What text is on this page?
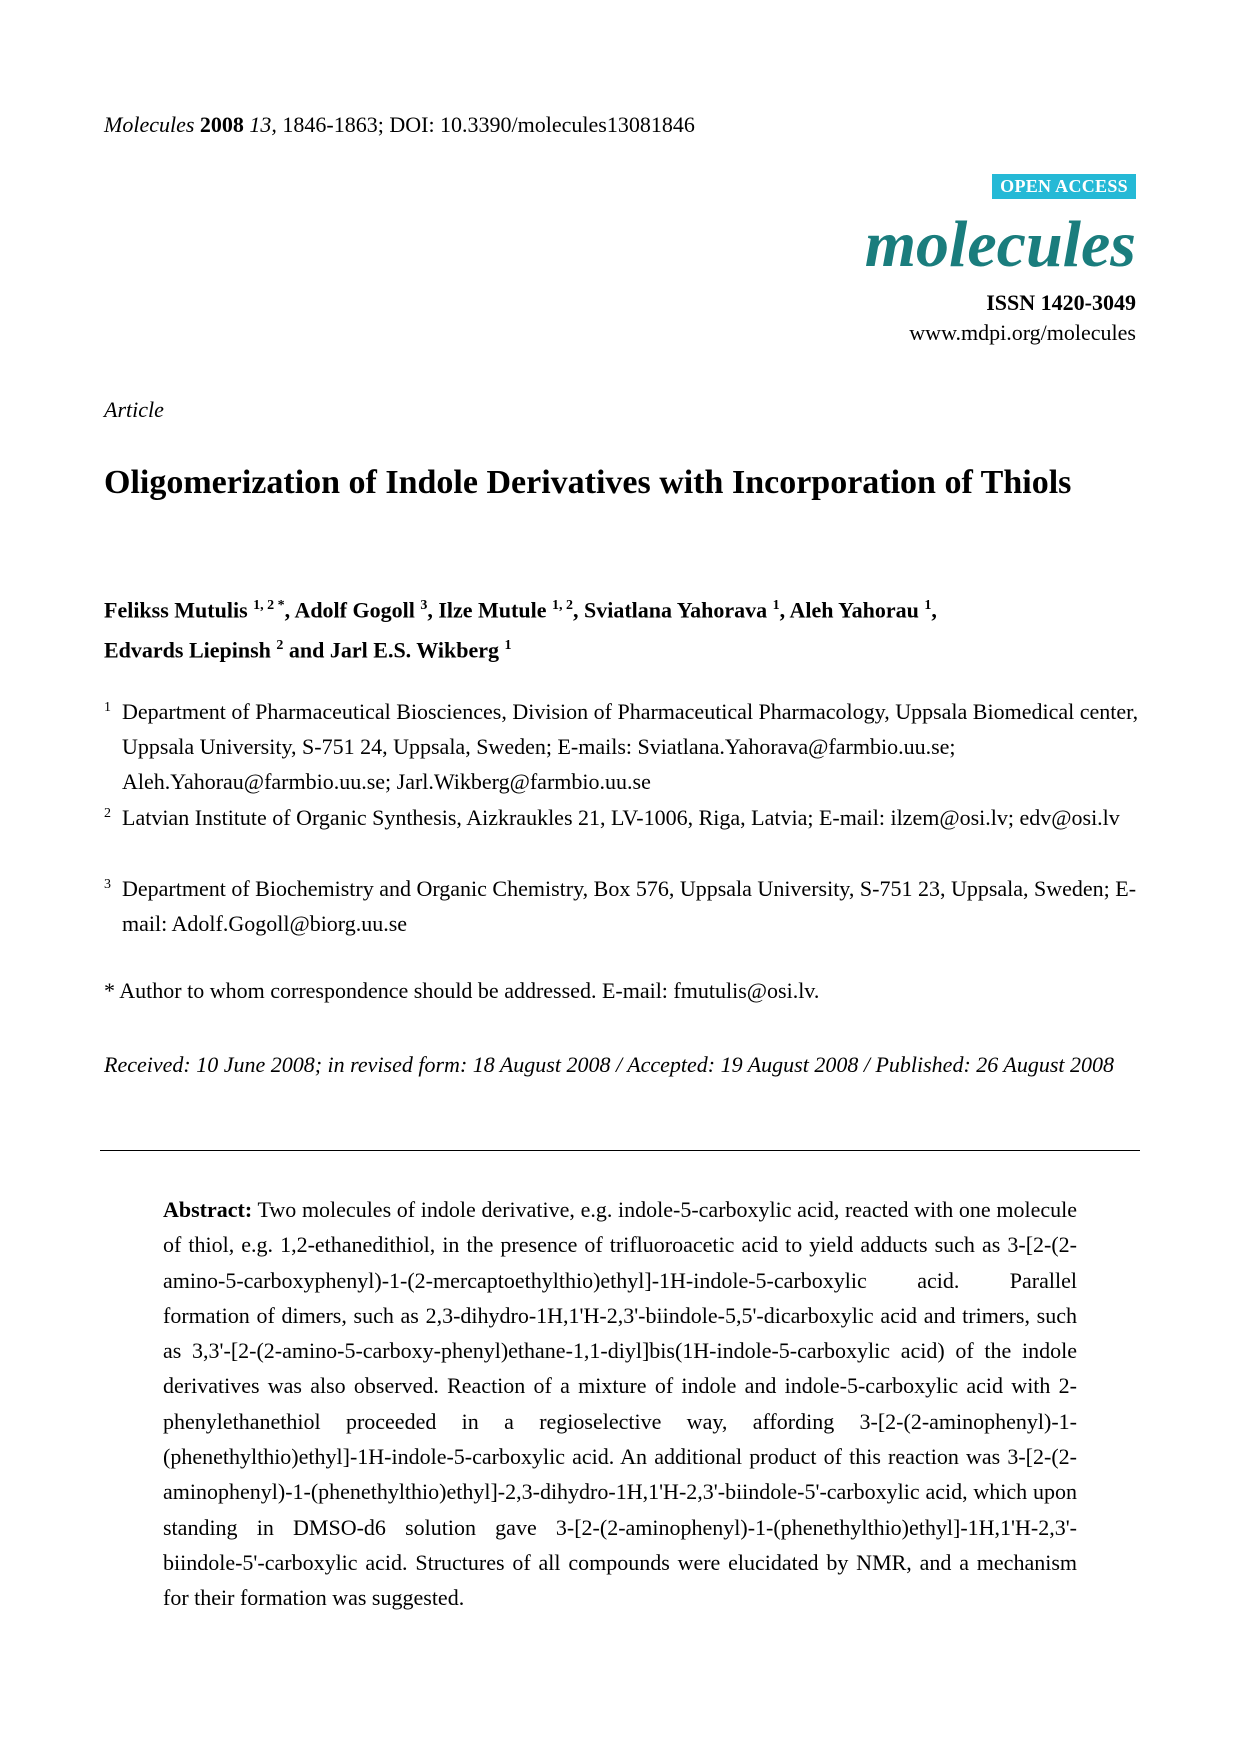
Molecules 2008 13, 1846-1863; DOI: 10.3390/molecules13081846
OPEN ACCESS
molecules
ISSN 1420-3049
www.mdpi.org/molecules
Article
Oligomerization of Indole Derivatives with Incorporation of Thiols
Felikss Mutulis $^{1, 2 *}$, Adolf Gogoll $^3$, Ilze Mutule $^{1, 2}$, Sviatlana Yahorava $^1$, Aleh Yahorau $^1$,
Edvards Liepinsh $^2$ and Jarl E.S. Wikberg $^1$
1 Department of Pharmaceutical Biosciences, Division of Pharmaceutical Pharmacology, Uppsala Biomedical center, Uppsala University, S-751 24, Uppsala, Sweden; E-mails: Sviatlana.Yahorava@farmbio.uu.se; Aleh.Yahorau@farmbio.uu.se; Jarl.Wikberg@farmbio.uu.se
2 Latvian Institute of Organic Synthesis, Aizkraukles 21, LV-1006, Riga, Latvia; E-mail: ilzem@osi.lv; edv@osi.lv
3 Department of Biochemistry and Organic Chemistry, Box 576, Uppsala University, S-751 23, Uppsala, Sweden; E-mail: Adolf.Gogoll@biorg.uu.se
* Author to whom correspondence should be addressed. E-mail: fmutulis@osi.lv.
Received: 10 June 2008; in revised form: 18 August 2008 / Accepted: 19 August 2008 / Published: 26 August 2008
Abstract: Two molecules of indole derivative, e.g. indole-5-carboxylic acid, reacted with one molecule of thiol, e.g. 1,2-ethanedithiol, in the presence of trifluoroacetic acid to yield adducts such as 3-[2-(2-amino-5-carboxyphenyl)-1-(2-mercaptoethylthio)ethyl]-1H-indole-5-carboxylic acid. Parallel formation of dimers, such as 2,3-dihydro-1H,1'H-2,3'-biindole-5,5'-dicarboxylic acid and trimers, such as 3,3'-[2-(2-amino-5-carboxy-phenyl)ethane-1,1-diyl]bis(1H-indole-5-carboxylic acid) of the indole derivatives was also observed. Reaction of a mixture of indole and indole-5-carboxylic acid with 2-phenylethanethiol proceeded in a regioselective way, affording 3-[2-(2-aminophenyl)-1-(phenethylthio)ethyl]-1H-indole-5-carboxylic acid. An additional product of this reaction was 3-[2-(2-aminophenyl)-1-(phenethylthio)ethyl]-2,3-dihydro-1H,1'H-2,3'-biindole-5'-carboxylic acid, which upon standing in DMSO-d6 solution gave 3-[2-(2-aminophenyl)-1-(phenethylthio)ethyl]-1H,1'H-2,3'-biindole-5'-carboxylic acid. Structures of all compounds were elucidated by NMR, and a mechanism for their formation was suggested.
